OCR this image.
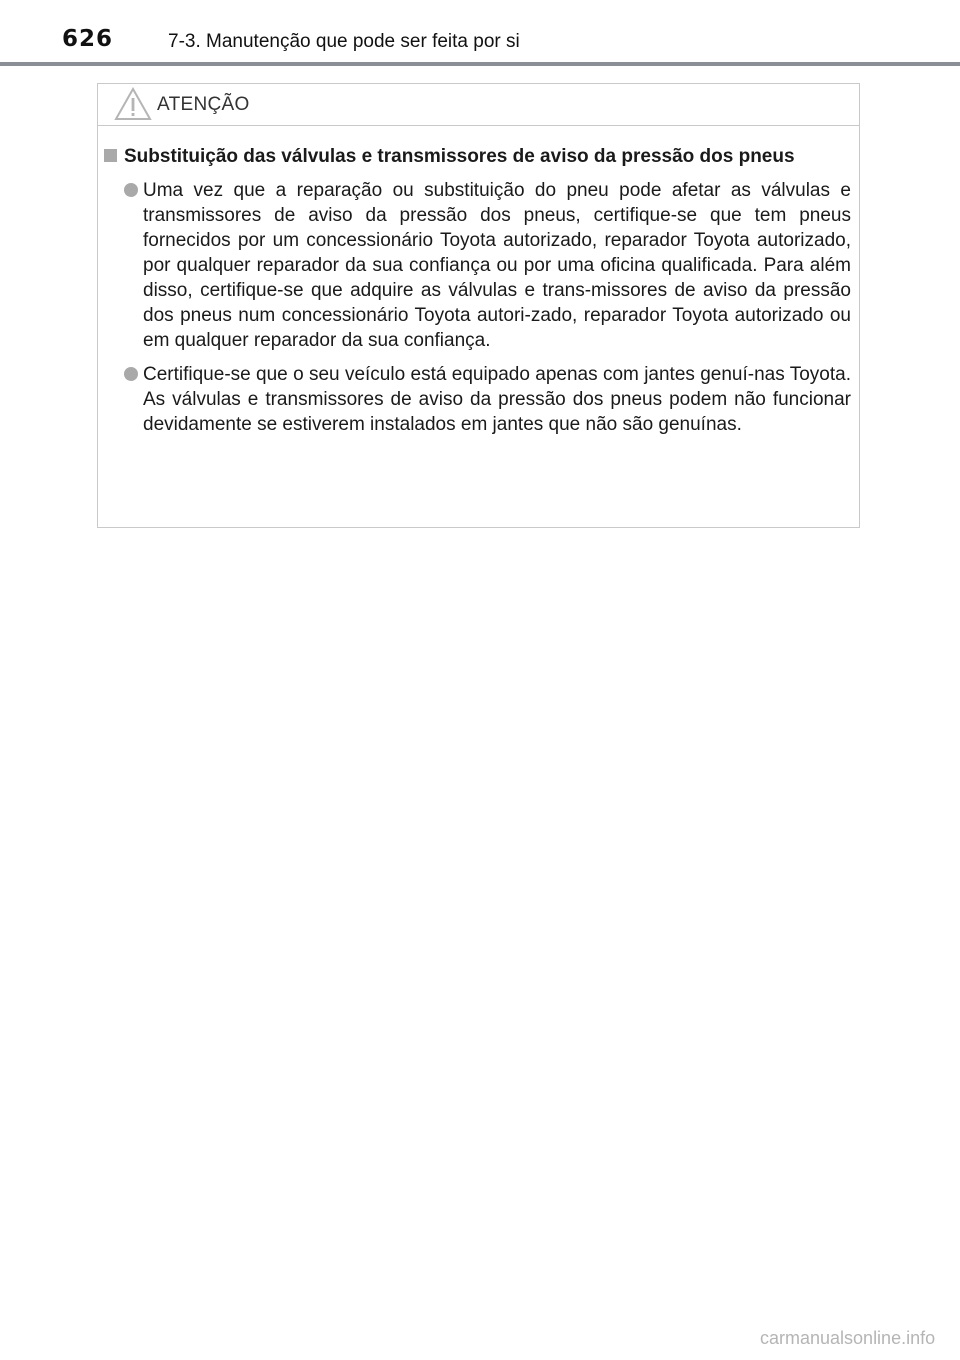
626	7-3. Manutenção que pode ser feita por si
ATENÇÃO
Substituição das válvulas e transmissores de aviso da pressão dos pneus
Uma vez que a reparação ou substituição do pneu pode afetar as válvulas e transmissores de aviso da pressão dos pneus, certifique-se que tem pneus fornecidos por um concessionário Toyota autorizado, reparador Toyota autorizado, por qualquer reparador da sua confiança ou por uma oficina qualificada. Para além disso, certifique-se que adquire as válvulas e trans-missores de aviso da pressão dos pneus num concessionário Toyota autori-zado, reparador Toyota autorizado ou em qualquer reparador da sua confiança.
Certifique-se que o seu veículo está equipado apenas com jantes genuí-nas Toyota. As válvulas e transmissores de aviso da pressão dos pneus podem não funcionar devidamente se estiverem instalados em jantes que não são genuínas.
carmanualsonline.info
